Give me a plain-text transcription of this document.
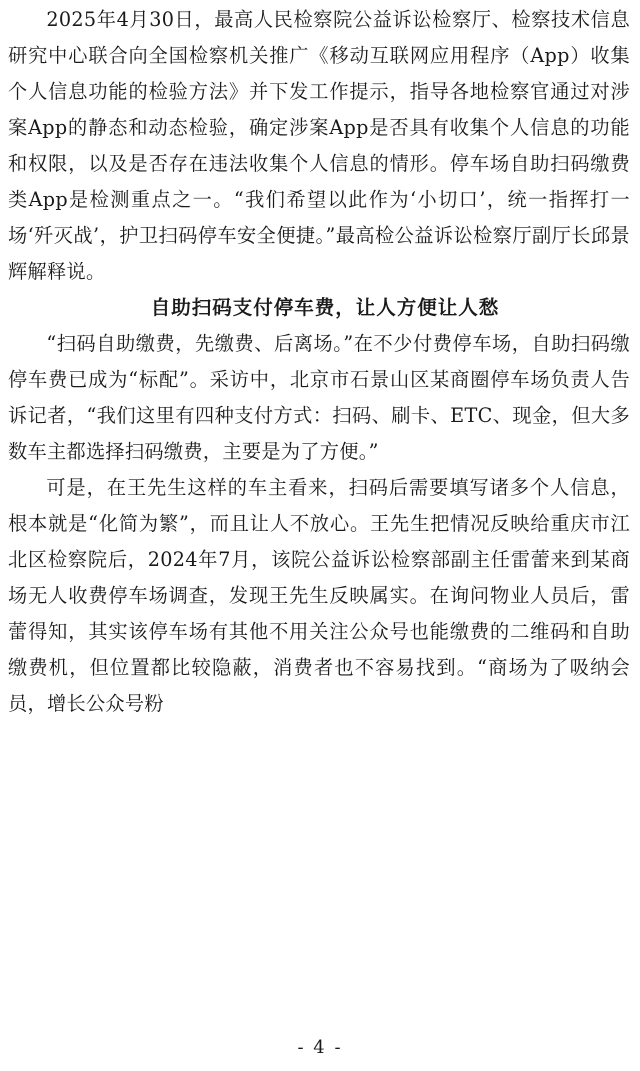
2025年4月30日，最高人民检察院公益诉讼检察厅、检察技术信息研究中心联合向全国检察机关推广《移动互联网应用程序（App）收集个人信息功能的检验方法》并下发工作提示，指导各地检察官通过对涉案App的静态和动态检验，确定涉案App是否具有收集个人信息的功能和权限，以及是否存在违法收集个人信息的情形。停车场自助扫码缴费类App是检测重点之一。“我们希望以此作为‘小切口’，统一指挥打一场‘歼灭战’，护卫扫码停车安全便捷。”最高检公益诉讼检察厅副厅长邱景辉解释说。

自助扫码支付停车费，让人方便让人愁

“扫码自助缴费，先缴费、后离场。”在不少付费停车场，自助扫码缴停车费已成为“标配”。采访中，北京市石景山区某商圈停车场负责人告诉记者，“我们这里有四种支付方式：扫码、刷卡、ETC、现金，但大多数车主都选择扫码缴费，主要是为了方便。”

可是，在王先生这样的车主看来，扫码后需要填写诸多个人信息，根本就是“化简为繁”，而且让人不放心。王先生把情况反映给重庆市江北区检察院后，2024年7月，该院公益诉讼检察部副主任雷蕾来到某商场无人收费停车场调查，发现王先生反映属实。在询问物业人员后，雷蕾得知，其实该停车场有其他不用关注公众号也能缴费的二维码和自助缴费机，但位置都比较隐蔽，消费者也不容易找到。“商场为了吸纳会员，增长公众号粉

- 4 -
